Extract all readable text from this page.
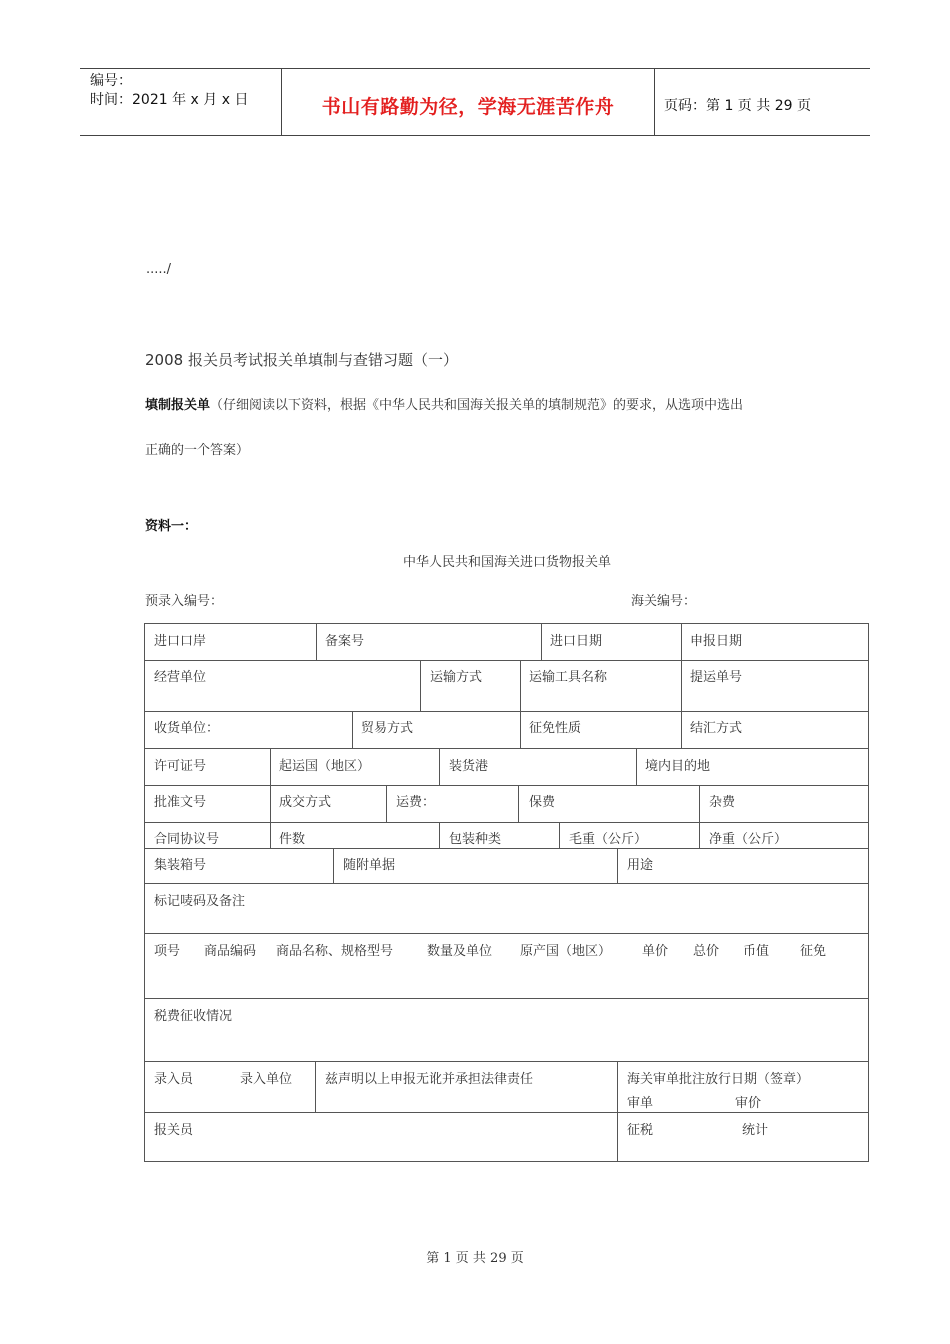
编号：
时间：2021 年 x 月 x 日	书山有路勤为径，学海无涯苦作舟	页码：第 1 页 共 29 页
...../
2008 报关员考试报关单填制与查错习题（一）
填制报关单（仔细阅读以下资料，根据《中华人民共和国海关报关单的填制规范》的要求，从选项中选出
正确的一个答案）
资料一：
中华人民共和国海关进口货物报关单
预录入编号：	海关编号：
进口口岸	备案号	进口日期	申报日期
经营单位	运输方式	运输工具名称	提运单号
收货单位：	贸易方式	征免性质	结汇方式
许可证号	起运国（地区）	装货港	境内目的地
批准文号	成交方式	运费：	保费	杂费
合同协议号	件数	包装种类	毛重（公斤）	净重（公斤）
集装箱号	随附单据	用途
标记唛码及备注
项号 商品编码 商品名称、规格型号	数量及单位 原产国（地区） 单价 总价 币值 征免
税费征收情况
录入员	录入单位	兹声明以上申报无讹并承担法律责任	海关审单批注放行日期（签章）
审单	审价
报关员	征税	统计
第 1 页 共 29 页
